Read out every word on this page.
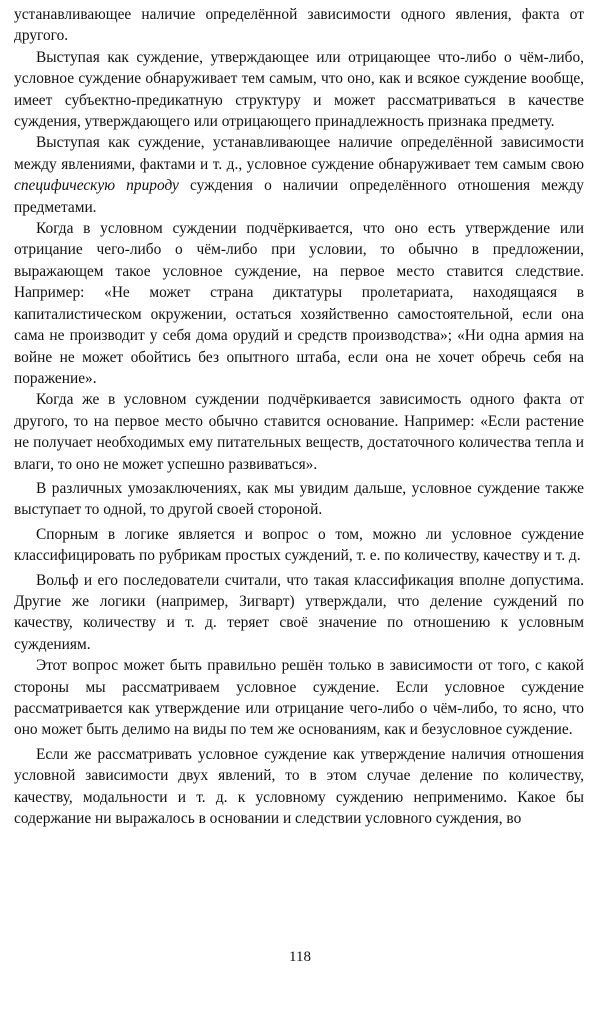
устанавливающее наличие определённой зависимости одного явления, факта от другого.

Выступая как суждение, утверждающее или отрицающее что-либо о чём-либо, условное суждение обнаруживает тем самым, что оно, как и всякое суждение вообще, имеет субъектно-предикатную структуру и может рассматриваться в качестве суждения, утверждающего или отрицающего принадлежность признака предмету.

Выступая как суждение, устанавливающее наличие определённой зависимости между явлениями, фактами и т. д., условное суждение обнаруживает тем самым свою специфическую природу суждения о наличии определённого отношения между предметами.

Когда в условном суждении подчёркивается, что оно есть утверждение или отрицание чего-либо о чём-либо при условии, то обычно в предложении, выражающем такое условное суждение, на первое место ставится следствие. Например: «Не может страна диктатуры пролетариата, находящаяся в капиталистическом окружении, остаться хозяйственно самостоятельной, если она сама не производит у себя дома орудий и средств производства»; «Ни одна армия на войне не может обойтись без опытного штаба, если она не хочет обречь себя на поражение».

Когда же в условном суждении подчёркивается зависимость одного факта от другого, то на первое место обычно ставится основание. Например: «Если растение не получает необходимых ему питательных веществ, достаточного количества тепла и влаги, то оно не может успешно развиваться».

В различных умозаключениях, как мы увидим дальше, условное суждение также выступает то одной, то другой своей стороной.

Спорным в логике является и вопрос о том, можно ли условное суждение классифицировать по рубрикам простых суждений, т. е. по количеству, качеству и т. д.

Вольф и его последователи считали, что такая классификация вполне допустима. Другие же логики (например, Зигварт) утверждали, что деление суждений по качеству, количеству и т. д. теряет своё значение по отношению к условным суждениям.

Этот вопрос может быть правильно решён только в зависимости от того, с какой стороны мы рассматриваем условное суждение. Если условное суждение рассматривается как утверждение или отрицание чего-либо о чём-либо, то ясно, что оно может быть делимо на виды по тем же основаниям, как и безусловное суждение.

Если же рассматривать условное суждение как утверждение наличия отношения условной зависимости двух явлений, то в этом случае деление по количеству, качеству, модальности и т. д. к условному суждению неприменимо. Какое бы содержание ни выражалось в основании и следствии условного суждения, во

118
